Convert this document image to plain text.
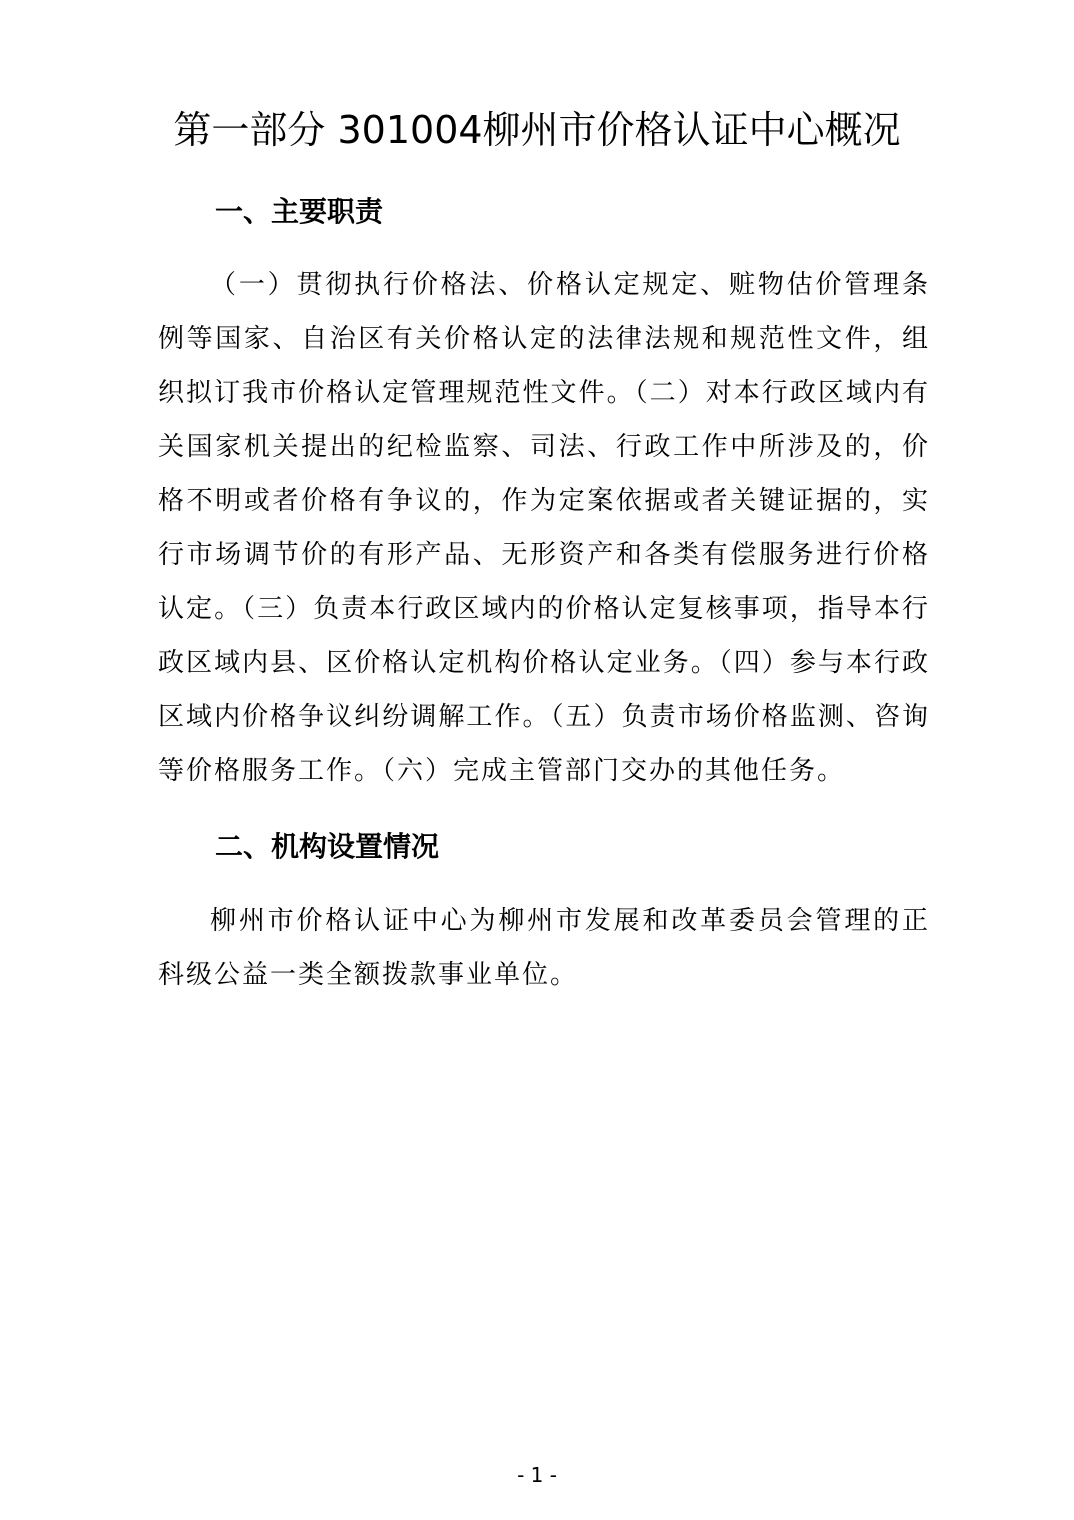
第一部分 301004柳州市价格认证中心概况
一、主要职责

（一）贯彻执行价格法、价格认定规定、赃物估价管理条例等国家、自治区有关价格认定的法律法规和规范性文件，组织拟订我市价格认定管理规范性文件。（二）对本行政区域内有关国家机关提出的纪检监察、司法、行政工作中所涉及的，价格不明或者价格有争议的，作为定案依据或者关键证据的，实行市场调节价的有形产品、无形资产和各类有偿服务进行价格认定。（三）负责本行政区域内的价格认定复核事项，指导本行政区域内县、区价格认定机构价格认定业务。（四）参与本行政区域内价格争议纠纷调解工作。（五）负责市场价格监测、咨询等价格服务工作。（六）完成主管部门交办的其他任务。

二、机构设置情况

柳州市价格认证中心为柳州市发展和改革委员会管理的正科级公益一类全额拨款事业单位。

- 1 -
